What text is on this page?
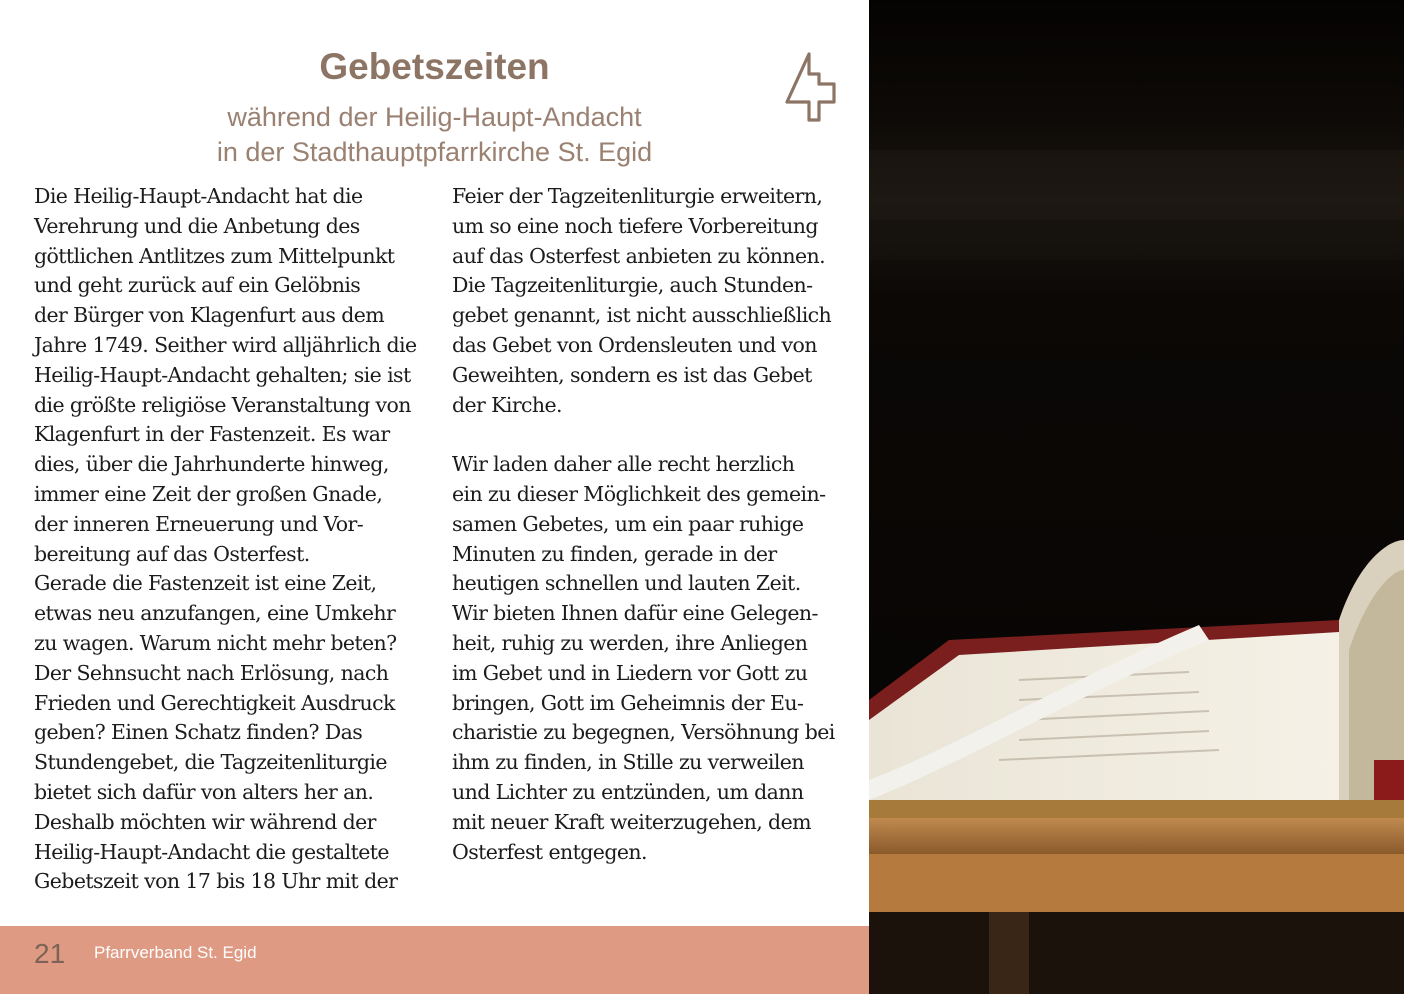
Gebetszeiten

während der Heilig-Haupt-Andacht

in der Stadthauptpfarrkirche St. Egid

Die Heilig-Haupt-Andacht hat die
Verehrung und die Anbetung des
göttlichen Antlitzes zum Mittelpunkt
und geht zurück auf ein Gelöbnis
der Bürger von Klagenfurt aus dem
Jahre 1749. Seither wird alljährlich die
Heilig-Haupt-Andacht gehalten; sie ist
die größte religiöse Veranstaltung von
Klagenfurt in der Fastenzeit. Es war
dies, über die Jahrhunderte hinweg,
immer eine Zeit der großen Gnade,
der inneren Erneuerung und Vor-
bereitung auf das Osterfest.
Gerade die Fastenzeit ist eine Zeit,
etwas neu anzufangen, eine Umkehr
zu wagen. Warum nicht mehr beten?
Der Sehnsucht nach Erlösung, nach
Frieden und Gerechtigkeit Ausdruck
geben? Einen Schatz finden? Das
Stundengebet, die Tagzeitenliturgie
bietet sich dafür von alters her an.
Deshalb möchten wir während der
Heilig-Haupt-Andacht die gestaltete
Gebetszeit von 17 bis 18 Uhr mit der
Feier der Tagzeitenliturgie erweitern,
um so eine noch tiefere Vorbereitung
auf das Osterfest anbieten zu können.
Die Tagzeitenliturgie, auch Stunden-
gebet genannt, ist nicht ausschließlich
das Gebet von Ordensleuten und von
Geweihten, sondern es ist das Gebet
der Kirche.
Wir laden daher alle recht herzlich
ein zu dieser Möglichkeit des gemein-
samen Gebetes, um ein paar ruhige
Minuten zu finden, gerade in der
heutigen schnellen und lauten Zeit.
Wir bieten Ihnen dafür eine Gelegen-
heit, ruhig zu werden, ihre Anliegen
im Gebet und in Liedern vor Gott zu
bringen, Gott im Geheimnis der Eu-
charistie zu begegnen, Versöhnung bei
ihm zu finden, in Stille zu verweilen
und Lichter zu entzünden, um dann
mit neuer Kraft weiterzugehen, dem
Osterfest entgegen.
21 Pfarrverband St. Egid
